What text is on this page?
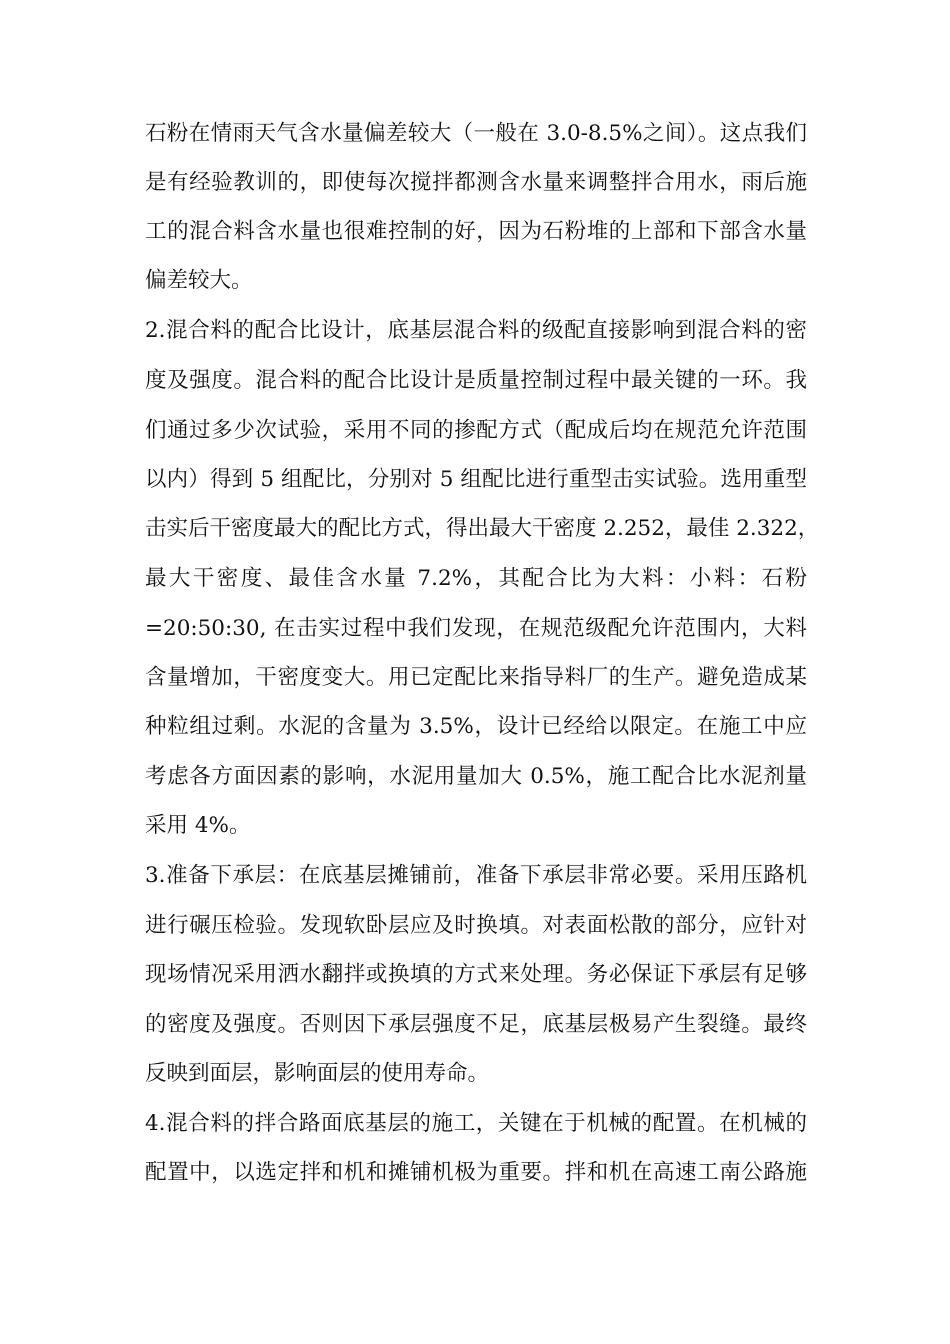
石粉在情雨天气含水量偏差较大（一般在 3.0-8.5%之间）。这点我们
是有经验教训的，即使每次搅拌都测含水量来调整拌合用水，雨后施
工的混合料含水量也很难控制的好，因为石粉堆的上部和下部含水量
偏差较大。
2.混合料的配合比设计，底基层混合料的级配直接影响到混合料的密
度及强度。混合料的配合比设计是质量控制过程中最关键的一环。我
们通过多少次试验，采用不同的掺配方式（配成后均在规范允许范围
以内）得到 5 组配比，分别对 5 组配比进行重型击实试验。选用重型
击实后干密度最大的配比方式，得出最大干密度 2.252，最佳 2.322，
最大干密度、最佳含水量 7.2%，其配合比为大料：小料：石粉
=20:50:30, 在击实过程中我们发现，在规范级配允许范围内，大料
含量增加，干密度变大。用已定配比来指导料厂的生产。避免造成某
种粒组过剩。水泥的含量为 3.5%，设计已经给以限定。在施工中应
考虑各方面因素的影响，水泥用量加大 0.5%，施工配合比水泥剂量
采用 4%。
3.准备下承层：在底基层摊铺前，准备下承层非常必要。采用压路机
进行碾压检验。发现软卧层应及时换填。对表面松散的部分，应针对
现场情况采用洒水翻拌或换填的方式来处理。务必保证下承层有足够
的密度及强度。否则因下承层强度不足，底基层极易产生裂缝。最终
反映到面层，影响面层的使用寿命。
4.混合料的拌合路面底基层的施工，关键在于机械的配置。在机械的
配置中，以选定拌和机和摊铺机极为重要。拌和机在高速工南公路施
